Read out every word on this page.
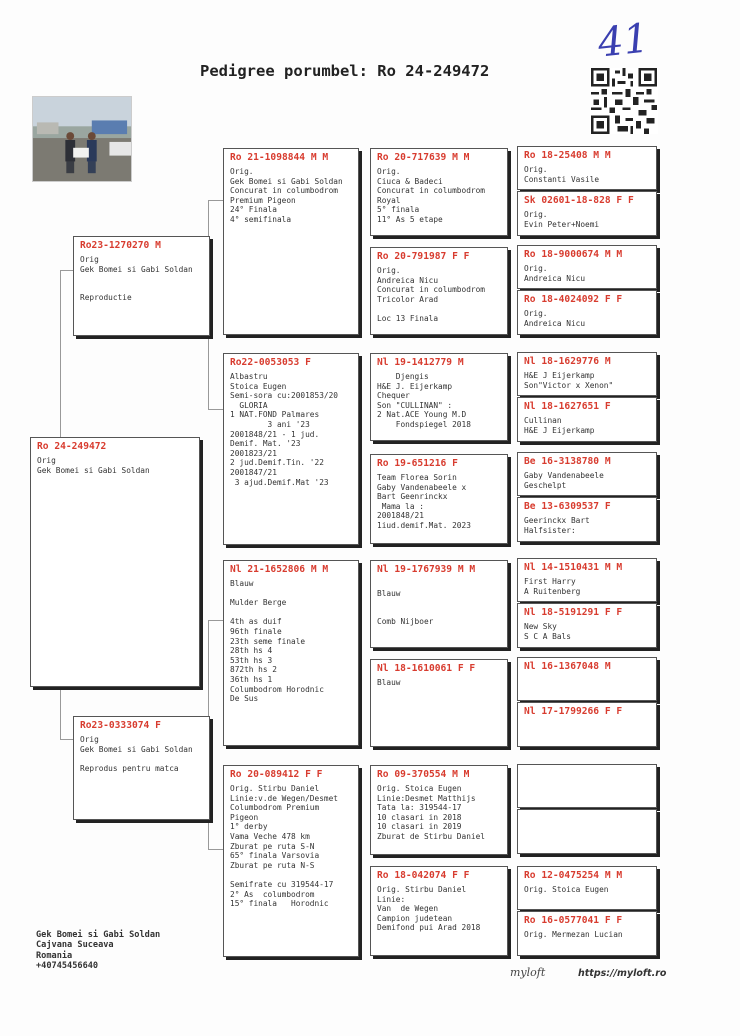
41
Pedigree porumbel: Ro 24-249472
Ro 24-249472
Orig
Gek Bomei si Gabi Soldan
Ro23-1270270 M
Orig
Gek Bomei si Gabi Soldan

Reproductie
Ro23-0333074 F
Orig
Gek Bomei si Gabi Soldan

Reprodus pentru matca
Ro 21-1098844 M M
Orig.
Gek Bomei si Gabi Soldan
Concurat in columbodrom
Premium Pigeon
24° Finala
4° semifinala
Ro22-0053053 F
Albastru
Stoica Eugen
Semi-sora cu:2001853/20
GLORIA
1 NAT.FOND Palmares
3 ani '23
2001848/21 - 1 jud.
Demif. Mat. '23
2001823/21
2 jud.Demif.Tin. '22
2001847/21
3 ajud.Demif.Mat '23
Nl 21-1652806 M M
Blauw

Mulder Berge

4th as duif
96th finale
23th seme finale
28th hs 4
53th hs 3
872th hs 2
36th hs 1
Columbodrom Horodnic
De Sus
Ro 20-089412 F F
Orig. Stirbu Daniel
Linie:v.de Wegen/Desmet
Columbodrom Premium
Pigeon
1° derby
Vama Veche 478 km
Zburat pe ruta S-N
65° finala Varsovia
Zburat pe ruta N-S

Semifrate cu 319544-17
2° As  columbodrom
15° finala   Horodnic
Ro 20-717639 M M
Orig.
Ciuca & Badeci
Concurat in columbodrom
Royal
5° finala
11° As 5 etape
Ro 20-791987 F F
Orig.
Andreica Nicu
Concurat in columbodrom
Tricolor Arad

Loc 13 Finala
Nl 19-1412779 M
Djengis
H&E J. Eijerkamp
Chequer
Son "CULLINAN" :
2 Nat.ACE Young M.D
Fondspiegel 2018
Ro 19-651216 F
Team Florea Sorin
Gaby Vandenabeele x
Bart Geenrinckx
Mama la :
2001848/21
1iud.demif.Mat. 2023
Nl 19-1767939 M M

Blauw

Comb Nijboer
Nl 18-1610061 F F
Blauw
Ro 09-370554 M M
Orig. Stoica Eugen
Linie:Desmet Matthijs
Tata la: 319544-17
10 clasari in 2018
10 clasari in 2019
Zburat de Stirbu Daniel
Ro 18-042074 F F
Orig. Stirbu Daniel
Linie:
Van  de Wegen
Campion judetean
Demifond pui Arad 2018
Ro 18-25408 M M
Orig.
Constanti Vasile
Sk 02601-18-828 F F
Orig.
Evin Peter+Noemi
Ro 18-9000674 M M
Orig.
Andreica Nicu
Ro 18-4024092 F F
Orig.
Andreica Nicu
Nl 18-1629776 M
H&E J Eijerkamp
Son"Victor x Xenon"
Nl 18-1627651 F
Cullinan
H&E J Eijerkamp
Be 16-3138780 M
Gaby Vandenabeele
Geschelpt
Be 13-6309537 F
Geerinckx Bart
Halfsister:
Nl 14-1510431 M M
First Harry
A Ruitenberg
Nl 18-5191291 F F
New Sky
S C A Bals
Nl 16-1367048 M
Nl 17-1799266 F F
Ro 12-0475254 M M
Orig. Stoica Eugen
Ro 16-0577041 F F
Orig. Mermezan Lucian
Gek Bomei si Gabi Soldan
Cajvana Suceava
Romania
+40745456640	myloft	https://myloft.ro
